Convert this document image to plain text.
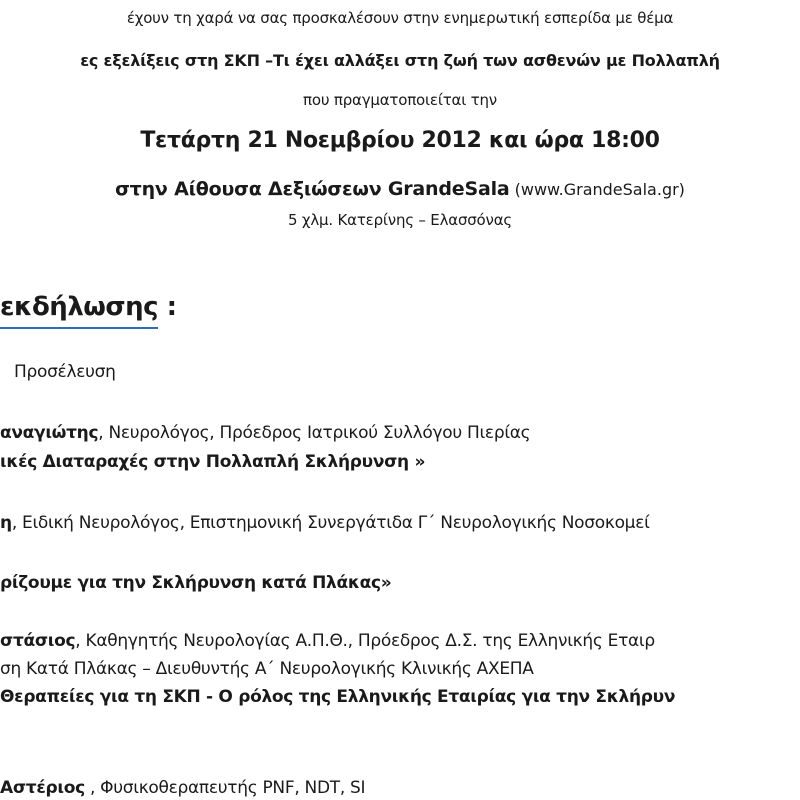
έχουν τη χαρά να σας προσκαλέσουν στην ενημερωτική εσπερίδα με θέμα
ες εξελίξεις στη ΣΚΠ –Τι έχει αλλάξει στη ζωή των ασθενών με Πολλαπλή
που πραγματοποιείται την
Τετάρτη 21 Νοεμβρίου 2012 και ώρα 18:00
στην Αίθουσα Δεξιώσεων GrandeSala (www.GrandeSala.gr)
5 χλμ. Κατερίνης – Ελασσόνας
εκδήλωσης :
Προσέλευση
αναγιώτης, Νευρολόγος, Πρόεδρος Ιατρικού Συλλόγου Πιερίας
ικές Διαταραχές στην Πολλαπλή Σκλήρυνση »
η, Ειδική Νευρολόγος, Επιστημονική Συνεργάτιδα Γ΄ Νευρολογικής Νοσοκομεί
ρίζουμε για την Σκλήρυνση κατά Πλάκας»
στάσιος, Καθηγητής Νευρολογίας Α.Π.Θ., Πρόεδρος Δ.Σ. της Ελληνικής Εταιρ
ση Κατά Πλάκας – Διευθυντής Α΄ Νευρολογικής Κλινικής ΑΧΕΠΑ
Θεραπείες για τη ΣΚΠ - Ο ρόλος της Ελληνικής Εταιρίας για την Σκλήρυν
Αστέριος , Φυσικοθεραπευτής PNF, NDT, SI
